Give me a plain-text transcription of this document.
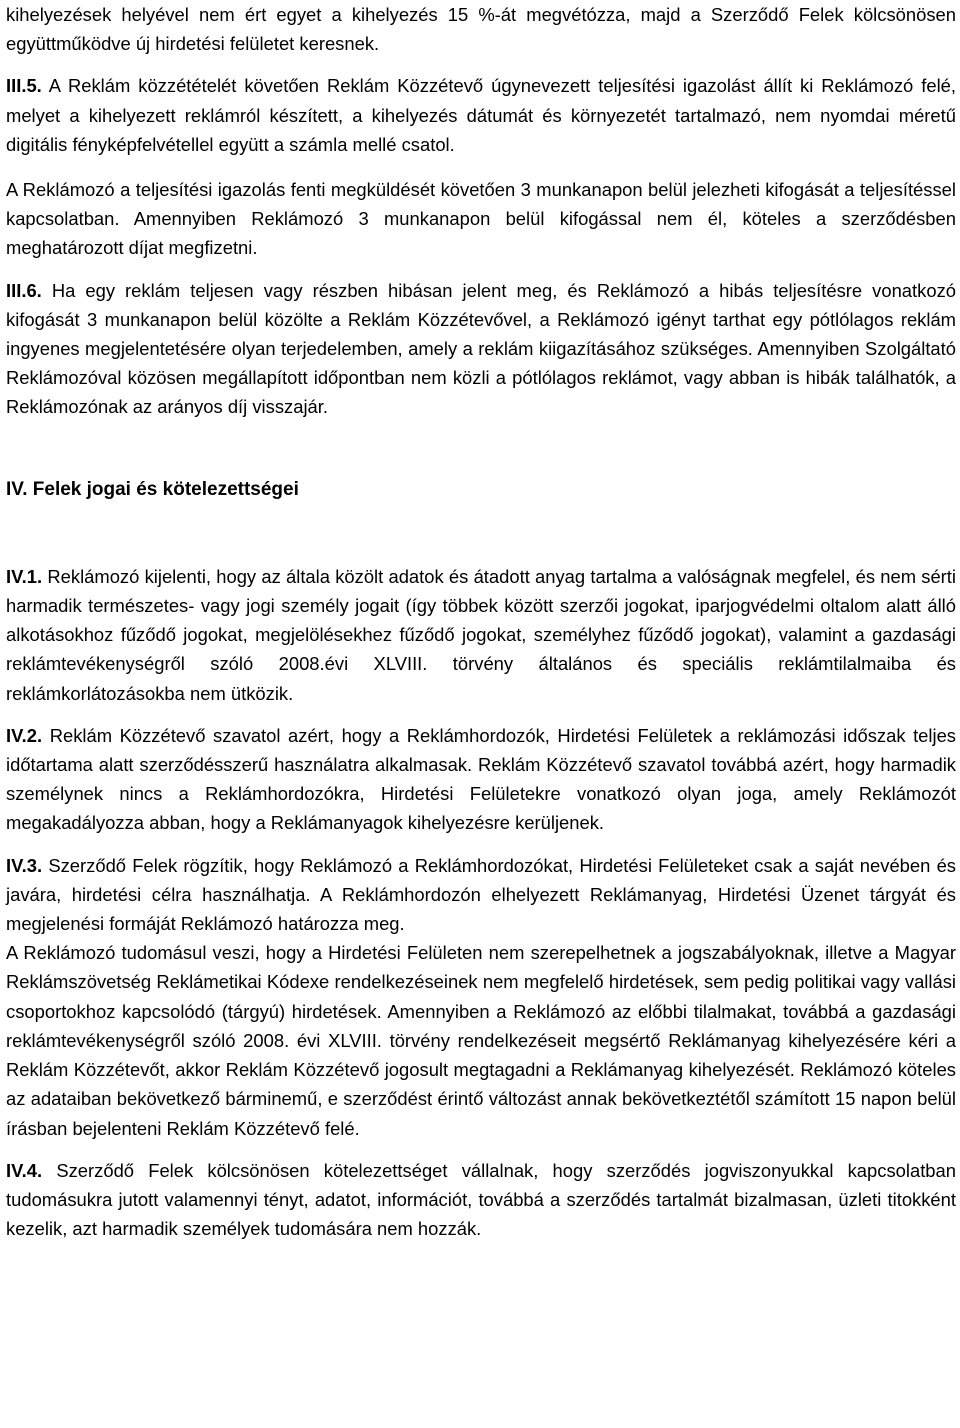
kihelyezések helyével nem ért egyet a kihelyezés 15 %-át megvétózza, majd a Szerződő Felek kölcsönösen együttműködve új hirdetési felületet keresnek.

III.5. A Reklám közzétételét követően Reklám Közzétevő úgynevezett teljesítési igazolást állít ki Reklámozó felé, melyet a kihelyezett reklámról készített, a kihelyezés dátumát és környezetét tartalmazó, nem nyomdai méretű digitális fényképfelvétellel együtt a számla mellé csatol.

A Reklámozó a teljesítési igazolás fenti megküldését követően 3 munkanapon belül jelezheti kifogását a teljesítéssel kapcsolatban. Amennyiben Reklámozó 3 munkanapon belül kifogással nem él, köteles a szerződésben meghatározott díjat megfizetni.

III.6. Ha egy reklám teljesen vagy részben hibásan jelent meg, és Reklámozó a hibás teljesítésre vonatkozó kifogását 3 munkanapon belül közölte a Reklám Közzétevővel, a Reklámozó igényt tarthat egy pótlólagos reklám ingyenes megjelentetésére olyan terjedelemben, amely a reklám kiigazításához szükséges. Amennyiben Szolgáltató Reklámozóval közösen megállapított időpontban nem közli a pótlólagos reklámot, vagy abban is hibák találhatók, a Reklámozónak az arányos díj visszajár.

IV. Felek jogai és kötelezettségei

IV.1. Reklámozó kijelenti, hogy az általa közölt adatok és átadott anyag tartalma a valóságnak megfelel, és nem sérti harmadik természetes- vagy jogi személy jogait (így többek között szerzői jogokat, iparjogvédelmi oltalom alatt álló alkotásokhoz fűződő jogokat, megjelölésekhez fűződő jogokat, személyhez fűződő jogokat), valamint a gazdasági reklámtevékenységről szóló 2008.évi XLVIII. törvény általános és speciális reklámtilalmaiba és reklámkorlátozásokba nem ütközik.

IV.2. Reklám Közzétevő szavatol azért, hogy a Reklámhordozók, Hirdetési Felületek a reklámozási időszak teljes időtartama alatt szerződésszerű használatra alkalmasak. Reklám Közzétevő szavatol továbbá azért, hogy harmadik személynek nincs a Reklámhordozókra, Hirdetési Felületekre vonatkozó olyan joga, amely Reklámozót megakadályozza abban, hogy a Reklámanyagok kihelyezésre kerüljenek.

IV.3. Szerződő Felek rögzítik, hogy Reklámozó a Reklámhordozókat, Hirdetési Felületeket csak a saját nevében és javára, hirdetési célra használhatja. A Reklámhordozón elhelyezett Reklámanyag, Hirdetési Üzenet tárgyát és megjelenési formáját Reklámozó határozza meg.

A Reklámozó tudomásul veszi, hogy a Hirdetési Felületen nem szerepelhetnek a jogszabályoknak, illetve a Magyar Reklámszövetség Reklámetikai Kódexe rendelkezéseinek nem megfelelő hirdetések, sem pedig politikai vagy vallási csoportokhoz kapcsolódó (tárgyú) hirdetések. Amennyiben a Reklámozó az előbbi tilalmakat, továbbá a gazdasági reklámtevékenységről szóló 2008. évi XLVIII. törvény rendelkezéseit megsértő Reklámanyag kihelyezésére kéri a Reklám Közzétevőt, akkor Reklám Közzétevő jogosult megtagadni a Reklámanyag kihelyezését. Reklámozó köteles az adataiban bekövetkező bárminemű, e szerződést érintő változást annak bekövetkeztétől számított 15 napon belül írásban bejelenteni Reklám Közzétevő felé.

IV.4. Szerződő Felek kölcsönösen kötelezettséget vállalnak, hogy szerződés jogviszonyukkal kapcsolatban tudomásukra jutott valamennyi tényt, adatot, információt, továbbá a szerződés tartalmát bizalmasan, üzleti titokként kezelik, azt harmadik személyek tudomására nem hozzák.
